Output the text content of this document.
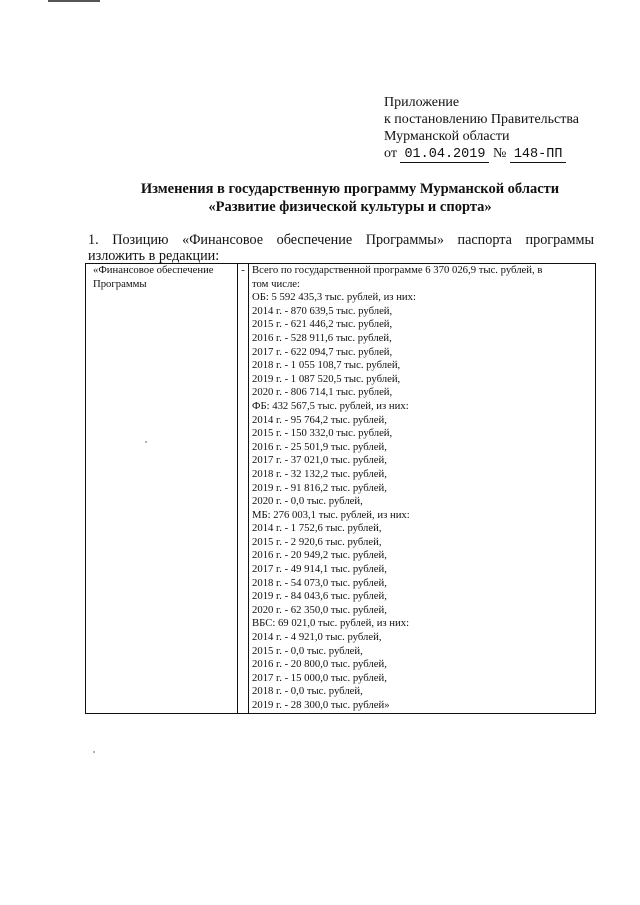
Приложение
к постановлению Правительства
Мурманской области
от 01.04.2019 № 148-ПП
Изменения в государственную программу Мурманской области
«Развитие физической культуры и спорта»
1. Позицию «Финансовое обеспечение Программы» паспорта программы
изложить в редакции:
«Финансовое обеспечение
Программы
	-	Всего по государственной программе 6 370 026,9 тыс. рублей, в
том числе:
ОБ: 5 592 435,3 тыс. рублей, из них:
2014 г. - 870 639,5 тыс. рублей,
2015 г. - 621 446,2 тыс. рублей,
2016 г. - 528 911,6 тыс. рублей,
2017 г. - 622 094,7 тыс. рублей,
2018 г. - 1 055 108,7 тыс. рублей,
2019 г. - 1 087 520,5 тыс. рублей,
2020 г. - 806 714,1 тыс. рублей,
ФБ: 432 567,5 тыс. рублей, из них:
2014 г. - 95 764,2 тыс. рублей,
2015 г. - 150 332,0 тыс. рублей,
2016 г. - 25 501,9 тыс. рублей,
2017 г. - 37 021,0 тыс. рублей,
2018 г. - 32 132,2 тыс. рублей,
2019 г. - 91 816,2 тыс. рублей,
2020 г. - 0,0 тыс. рублей,
МБ: 276 003,1 тыс. рублей, из них:
2014 г. - 1 752,6 тыс. рублей,
2015 г. - 2 920,6 тыс. рублей,
2016 г. - 20 949,2 тыс. рублей,
2017 г. - 49 914,1 тыс. рублей,
2018 г. - 54 073,0 тыс. рублей,
2019 г. - 84 043,6 тыс. рублей,
2020 г. - 62 350,0 тыс. рублей,
ВБС: 69 021,0 тыс. рублей, из них:
2014 г. - 4 921,0 тыс. рублей,
2015 г. - 0,0 тыс. рублей,
2016 г. - 20 800,0 тыс. рублей,
2017 г. - 15 000,0 тыс. рублей,
2018 г. - 0,0 тыс. рублей,
2019 г. - 28 300,0 тыс. рублей»
